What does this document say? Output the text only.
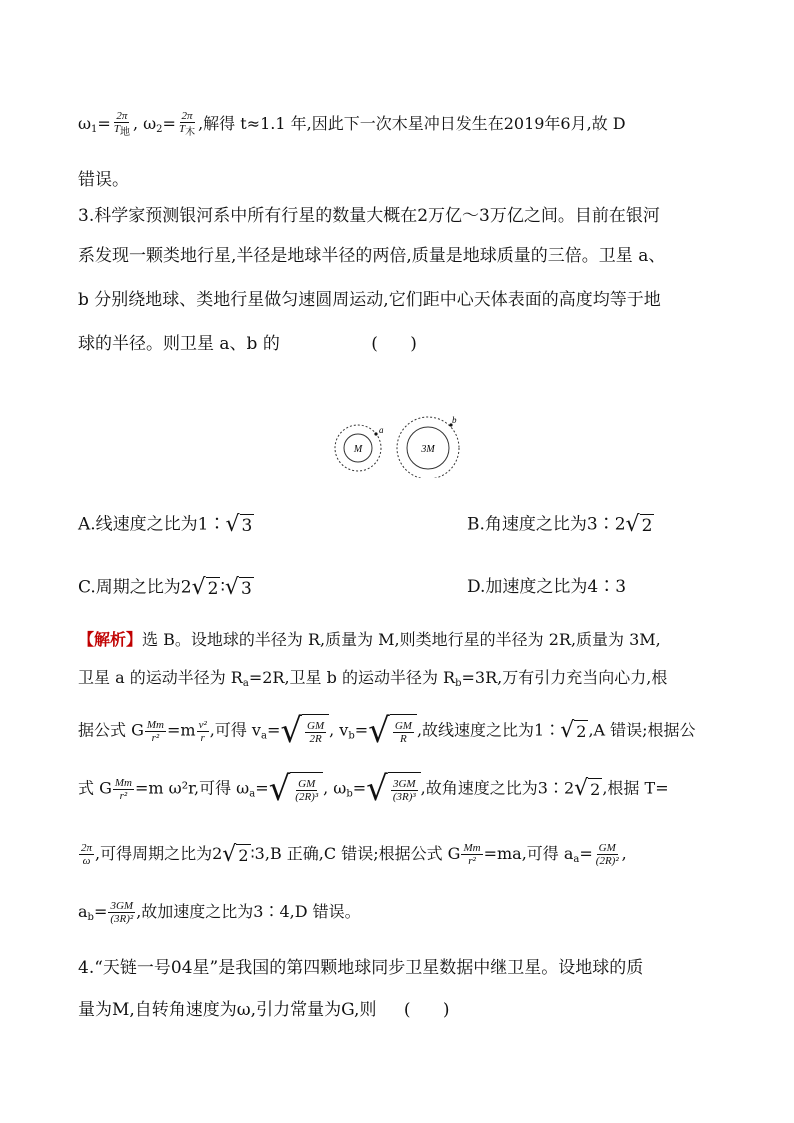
$\omega_1= \frac{2\pi}{\text{T地}}$ , $\omega_2= \frac{2\pi}{\text{T木}}$ ,解得 t≈1.1 年,因此下一次木星冲日发生在2019年6月,故 D
错误。
3.科学家预测银河系中所有行星的数量大概在2万亿～3万亿之间。目前在银河
系发现一颗类地行星,半径是地球半径的两倍,质量是地球质量的三倍。卫星 a、
b 分别绕地球、类地行星做匀速圆周运动,它们距中心天体表面的高度均等于地
球的半径。则卫星 a、b 的	(      )
M
a
3M
b
A.线速度之比为1∶ √ 3	B.角速度之比为3∶2 √ 2
C.周期之比为2 √ 2 ∶ √ 3	D.加速度之比为4∶3
【解析】选 B。设地球的半径为 R,质量为 M,则类地行星的半径为 2R,质量为 3M,
卫星 a 的运动半径为 $R_a=2R$,卫星 b 的运动半径为 $R_b=3R$,万有引力充当向心力,根
据公式 G $\frac{Mm}{\text{r²}} =m \frac{\text{v²}}{r}$ ,可得 $v_a=$ √ $\frac{GM}{2R}$ , $v_b=$ √ $\frac{GM}{R}$ ,故线速度之比为1∶ √ 2 ,A 错误;根据公
式 G $\frac{Mm}{\text{r²}} =m$ ω²r,可得 $\omega_a=$ √ $\frac{GM}{\text{(2R)³}}$ , $\omega_b=$ √ $\frac{3GM}{\text{(3R)³}}$ ,故角速度之比为3∶2 √ 2 ,根据 T=
$\frac{2\pi}{\omega}$ ,可得周期之比为2 √ 2 ∶3,B 正确,C 错误;根据公式 G $\frac{Mm}{\text{r²}} =ma$,可得 $a_a= \frac{GM}{\text{(2R)²}}$ ,
$a_b= \frac{3GM}{\text{(3R)²}}$ ,故加速度之比为3∶4,D 错误。
4.“天链一号04星”是我国的第四颗地球同步卫星数据中继卫星。设地球的质
量为M,自转角速度为ω,引力常量为G,则 (      )
